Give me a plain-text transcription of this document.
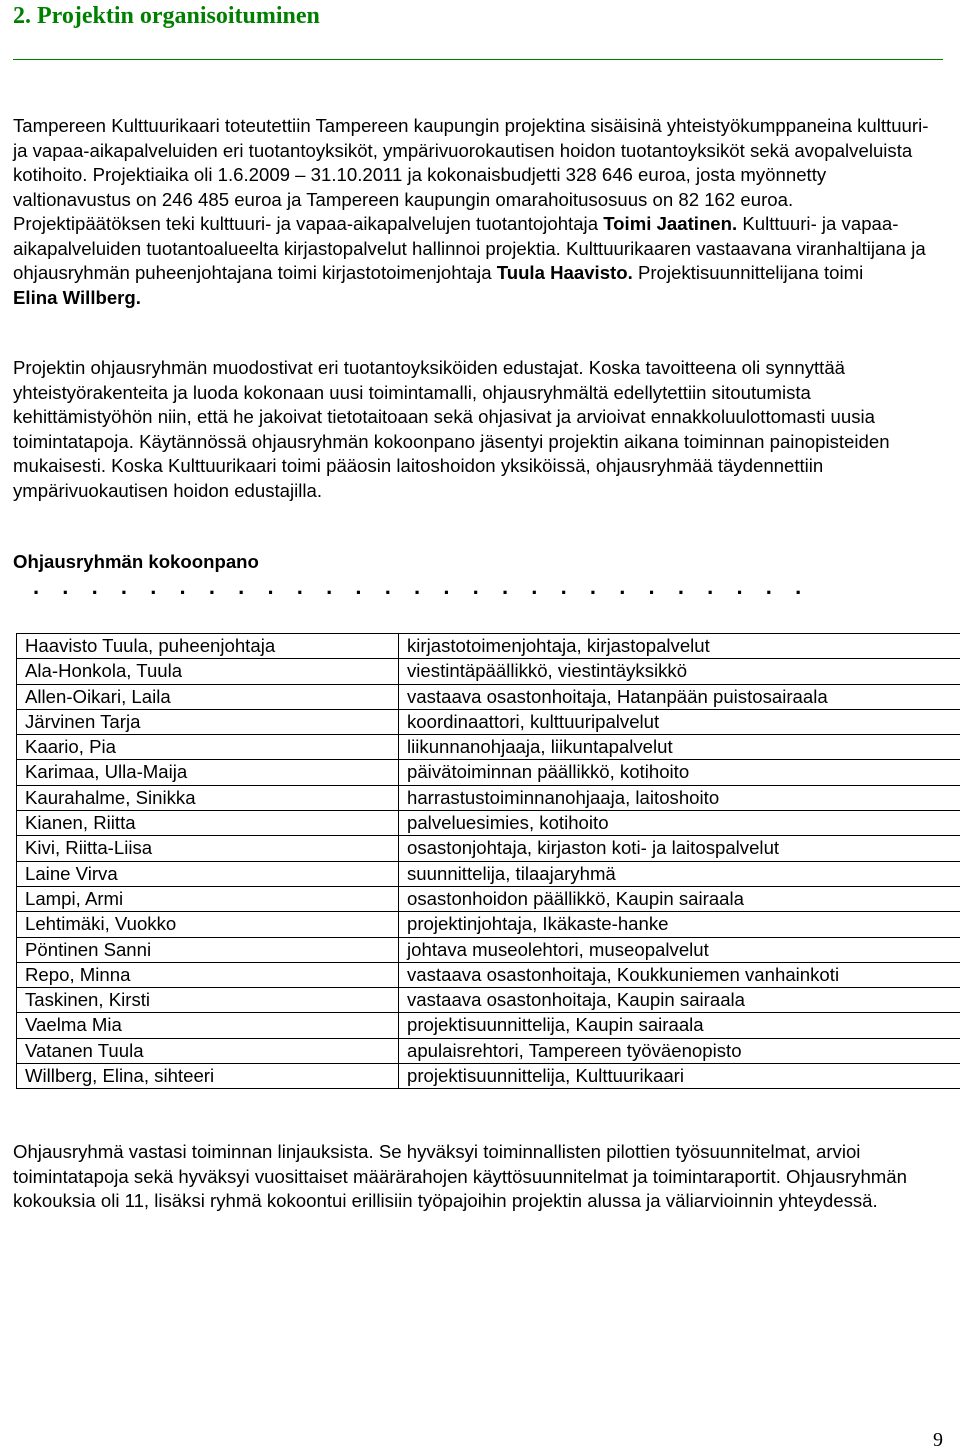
2. Projektin organisoituminen

Tampereen Kulttuurikaari toteutettiin Tampereen kaupungin projektina sisäisinä yhteistyökumppaneina kulttuuri- ja vapaa-aikapalveluiden eri tuotantoyksiköt, ympärivuorokautisen hoidon tuotantoyksiköt sekä avopalveluista kotihoito. Projektiaika oli 1.6.2009 – 31.10.2011 ja kokonaisbudjetti 328 646 euroa, josta myönnetty valtionavustus on 246 485 euroa ja Tampereen kaupungin omarahoitusosuus on 82 162 euroa. Projektipäätöksen teki kulttuuri- ja vapaa-aikapalvelujen tuotantojohtaja Toimi Jaatinen. Kulttuuri- ja vapaa-aikapalveluiden tuotantoalueelta kirjastopalvelut hallinnoi projektia. Kulttuurikaaren vastaavana viranhaltijana ja ohjausryhmän puheenjohtajana toimi kirjastotoimenjohtaja Tuula Haavisto. Projektisuunnittelijana toimi
Elina Willberg.

Projektin ohjausryhmän muodostivat eri tuotantoyksiköiden edustajat. Koska tavoitteena oli synnyttää yhteistyörakenteita ja luoda kokonaan uusi toimintamalli, ohjausryhmältä edellytettiin sitoutumista kehittämistyöhön niin, että he jakoivat tietotaitoaan sekä ohjasivat ja arvioivat ennakkoluulottomasti uusia toimintatapoja. Käytännössä ohjausryhmän kokoonpano jäsentyi projektin aikana toiminnan painopisteiden mukaisesti. Koska Kulttuurikaari toimi pääosin laitoshoidon yksiköissä, ohjausryhmää täydennettiin ympärivuokautisen hoidon edustajilla.

Ohjausryhmän kokoonpano

...........................

Haavisto Tuula, puheenjohtaja	kirjastotoimenjohtaja, kirjastopalvelut
Ala-Honkola, Tuula	viestintäpäällikkö, viestintäyksikkö
Allen-Oikari, Laila	vastaava osastonhoitaja, Hatanpään puistosairaala
Järvinen Tarja	koordinaattori, kulttuuripalvelut
Kaario, Pia	liikunnanohjaaja, liikuntapalvelut
Karimaa, Ulla-Maija	päivätoiminnan päällikkö, kotihoito
Kaurahalme, Sinikka	harrastustoiminnanohjaaja, laitoshoito
Kianen, Riitta	palveluesimies, kotihoito
Kivi, Riitta-Liisa	osastonjohtaja, kirjaston koti- ja laitospalvelut
Laine Virva	suunnittelija, tilaajaryhmä
Lampi, Armi	osastonhoidon päällikkö, Kaupin sairaala
Lehtimäki, Vuokko	projektinjohtaja, Ikäkaste-hanke
Pöntinen Sanni	johtava museolehtori, museopalvelut
Repo, Minna	vastaava osastonhoitaja, Koukkuniemen vanhainkoti
Taskinen, Kirsti	vastaava osastonhoitaja, Kaupin sairaala
Vaelma Mia	projektisuunnittelija, Kaupin sairaala
Vatanen Tuula	apulaisrehtori, Tampereen työväenopisto
Willberg, Elina, sihteeri	projektisuunnittelija, Kulttuurikaari

Ohjausryhmä vastasi toiminnan linjauksista. Se hyväksyi toiminnallisten pilottien työsuunnitelmat, arvioi toimintatapoja sekä hyväksyi vuosittaiset määrärahojen käyttösuunnitelmat ja toimintaraportit. Ohjausryhmän kokouksia oli 11, lisäksi ryhmä kokoontui erillisiin työpajoihin projektin alussa ja väliarvioinnin yhteydessä.

9
